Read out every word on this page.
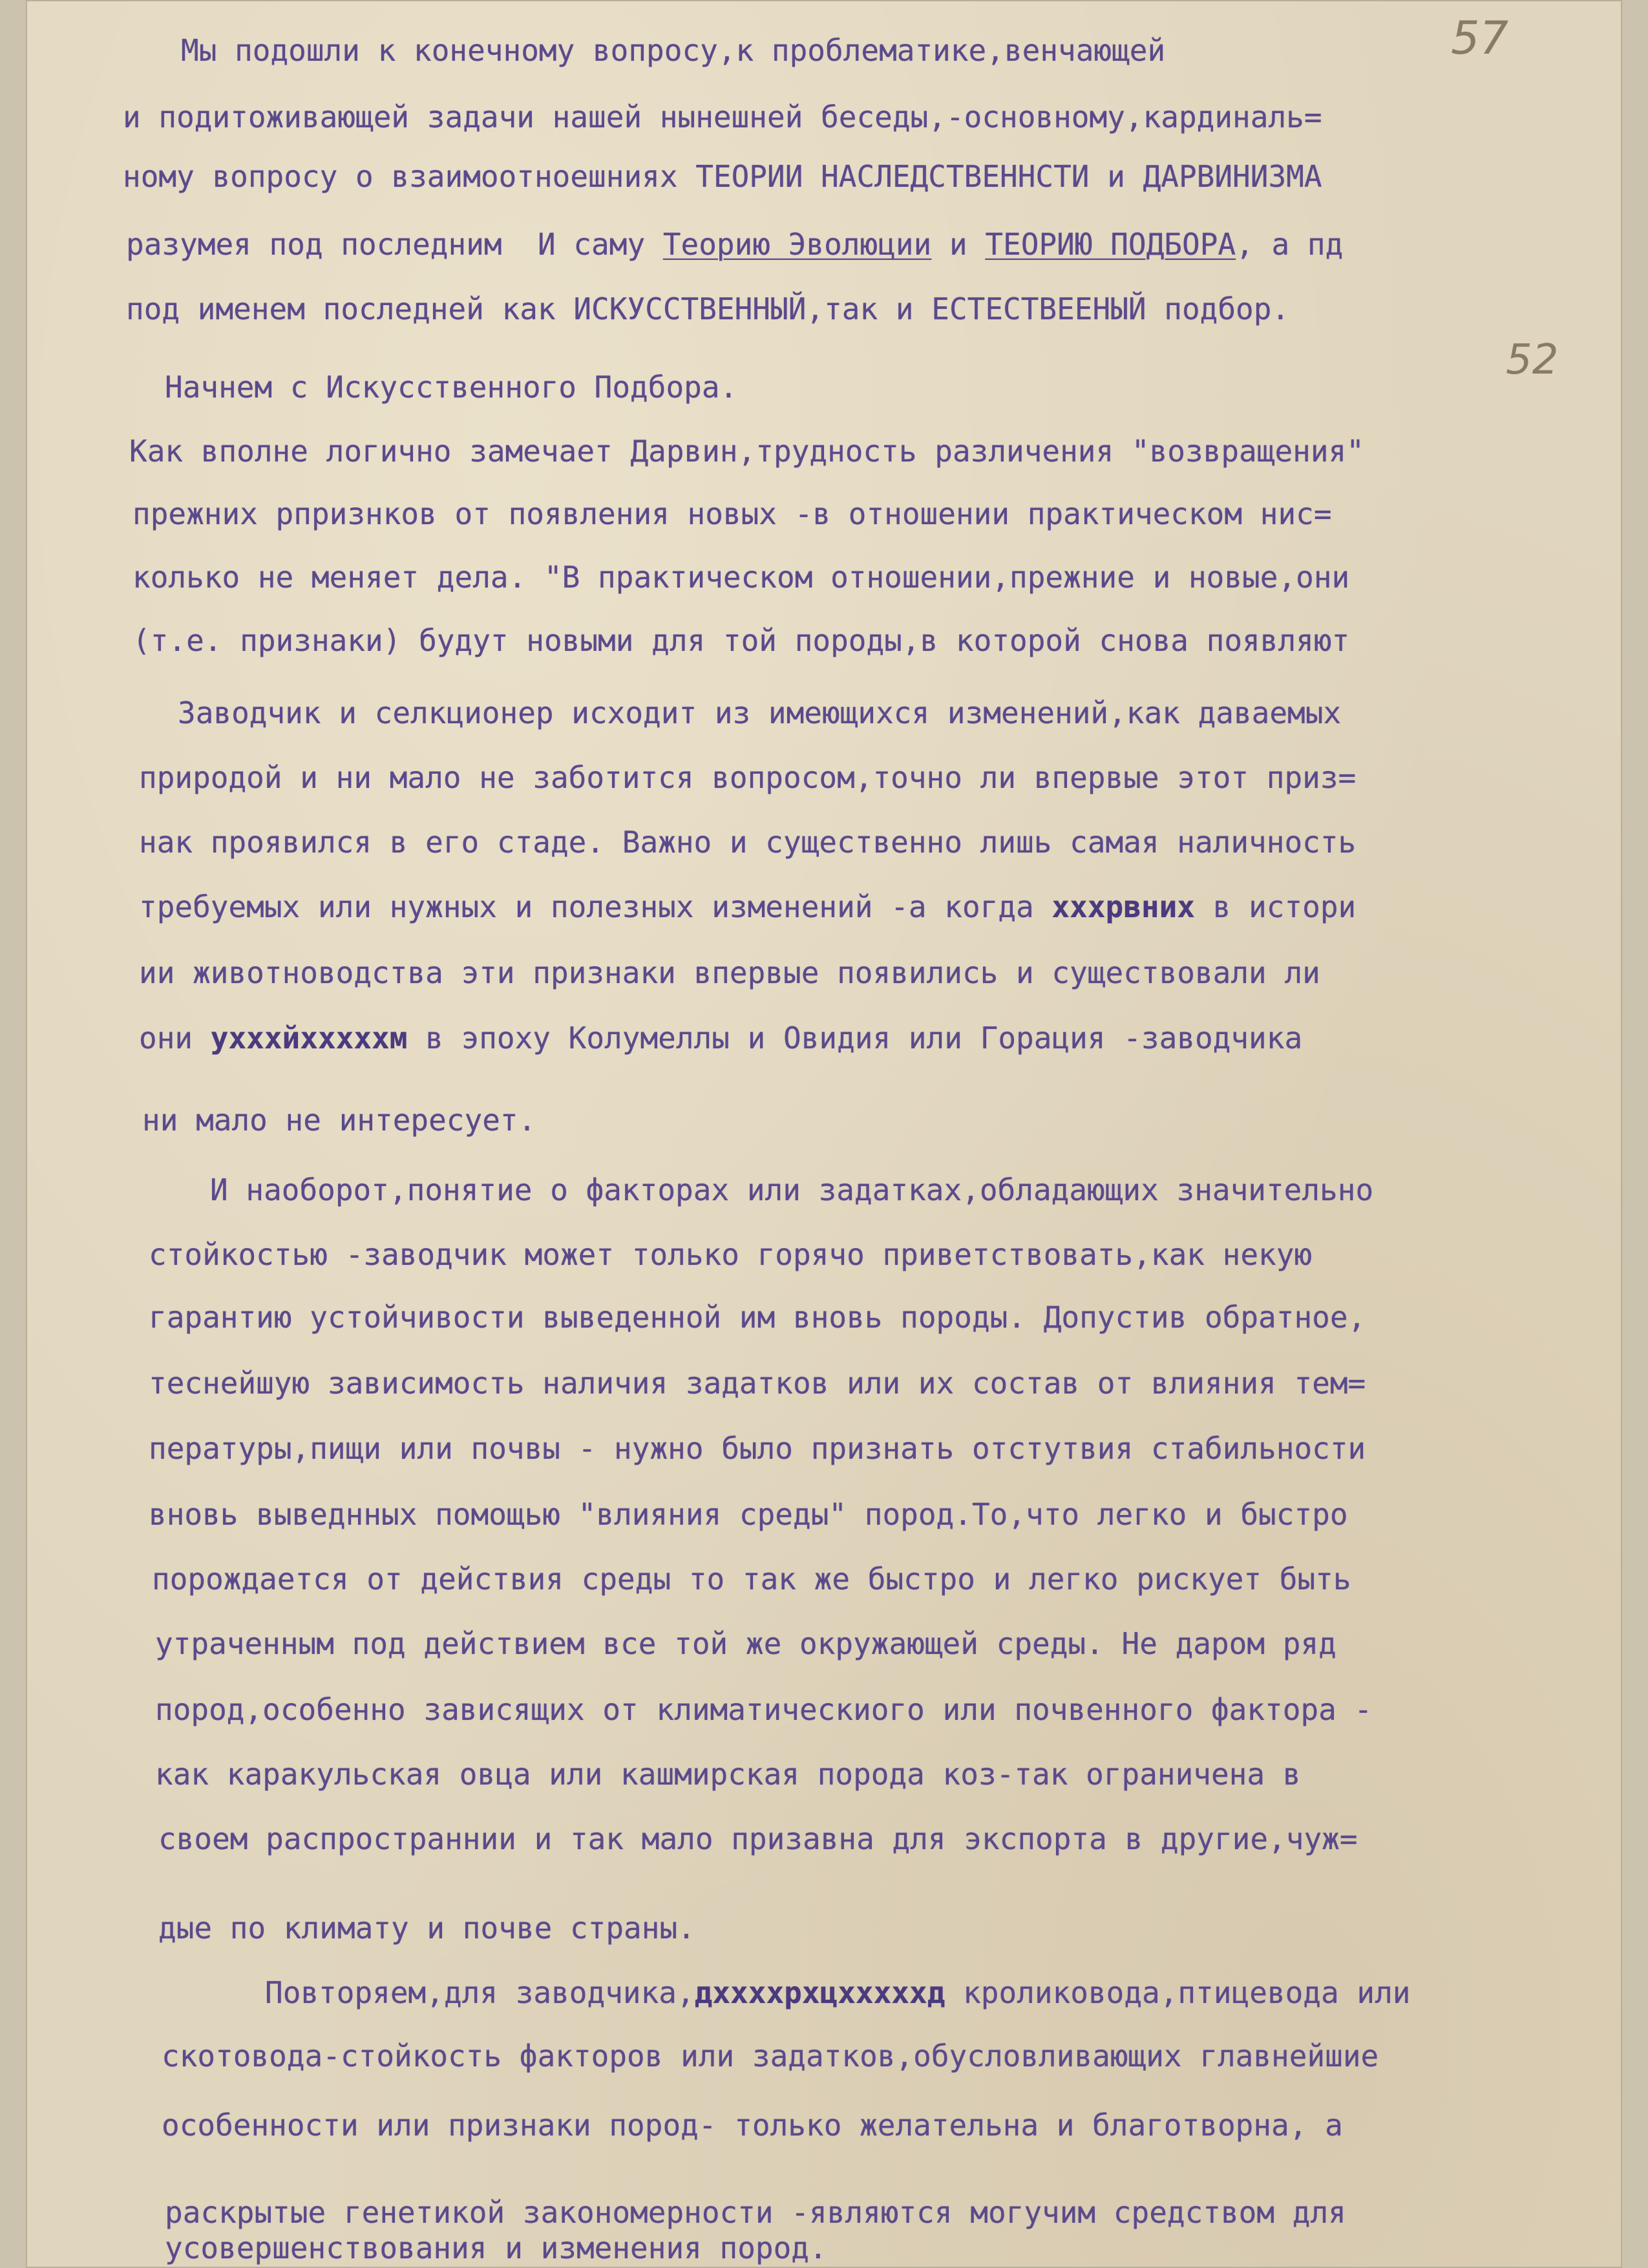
57
52
Мы подошли к конечному вопросу,к проблематике,венчающей
и подитоживающей задачи нашей нынешней беседы,-основному,кардиналь=
ному вопросу о взаимоотноешниях ТЕОРИИ НАСЛЕДСТВЕННСТИ и ДАРВИНИЗМА
разумея под последним  И саму Теорию Эволюции и ТЕОРИЮ ПОДБОРА, а пд
под именем последней как ИСКУССТВЕННЫЙ,так и ЕСТЕСТВЕЕНЫЙ подбор.
Начнем с Искусственного Подбора.
Как вполне логично замечает Дарвин,трудность различения "возвращения"
прежних рпризнков от появления новых -в отношении практическом нис=
колько не меняет дела. "В практическом отношении,прежние и новые,они
(т.е. признаки) будут новыми для той породы,в которой снова появляют
Заводчик и селкционер исходит из имеющихся изменений,как даваемых
природой и ни мало не заботится вопросом,точно ли впервые этот приз=
нак проявился в его стаде. Важно и существенно лишь самая наличность
требуемых или нужных и полезных изменений -а когда хххрвних в истори
ии животноводства эти признаки впервые появились и существовали ли
они ухххйхххххм в эпоху Колумеллы и Овидия или Горация -заводчика
ни мало не интересует.
И наоборот,понятие о факторах или задатках,обладающих значительно
стойкостью -заводчик может только горячо приветствовать,как некую
гарантию устойчивости выведенной им вновь породы. Допустив обратное,
теснейшую зависимость наличия задатков или их состав от влияния тем=
пературы,пищи или почвы - нужно было признать отстутвия стабильности
вновь выведнных помощью "влияния среды" пород.То,что легко и быстро
порождается от действия среды то так же быстро и легко рискует быть
утраченным под действием все той же окружающей среды. Не даром ряд
пород,особенно зависящих от климатическиого или почвенного фактора -
как каракульская овца или кашмирская порода коз-так ограничена в
своем распространнии и так мало призавна для экспорта в другие,чуж=
дые по климату и почве страны.
Повторяем,для заводчика,дххххрхцхххххд кроликовода,птицевода или
скотовода-стойкость факторов или задатков,обусловливающих главнейшие
особенности или признаки пород- только желательна и благотворна, а
раскрытые генетикой закономерности -являются могучим средством для
усовершенствования и изменения пород.
